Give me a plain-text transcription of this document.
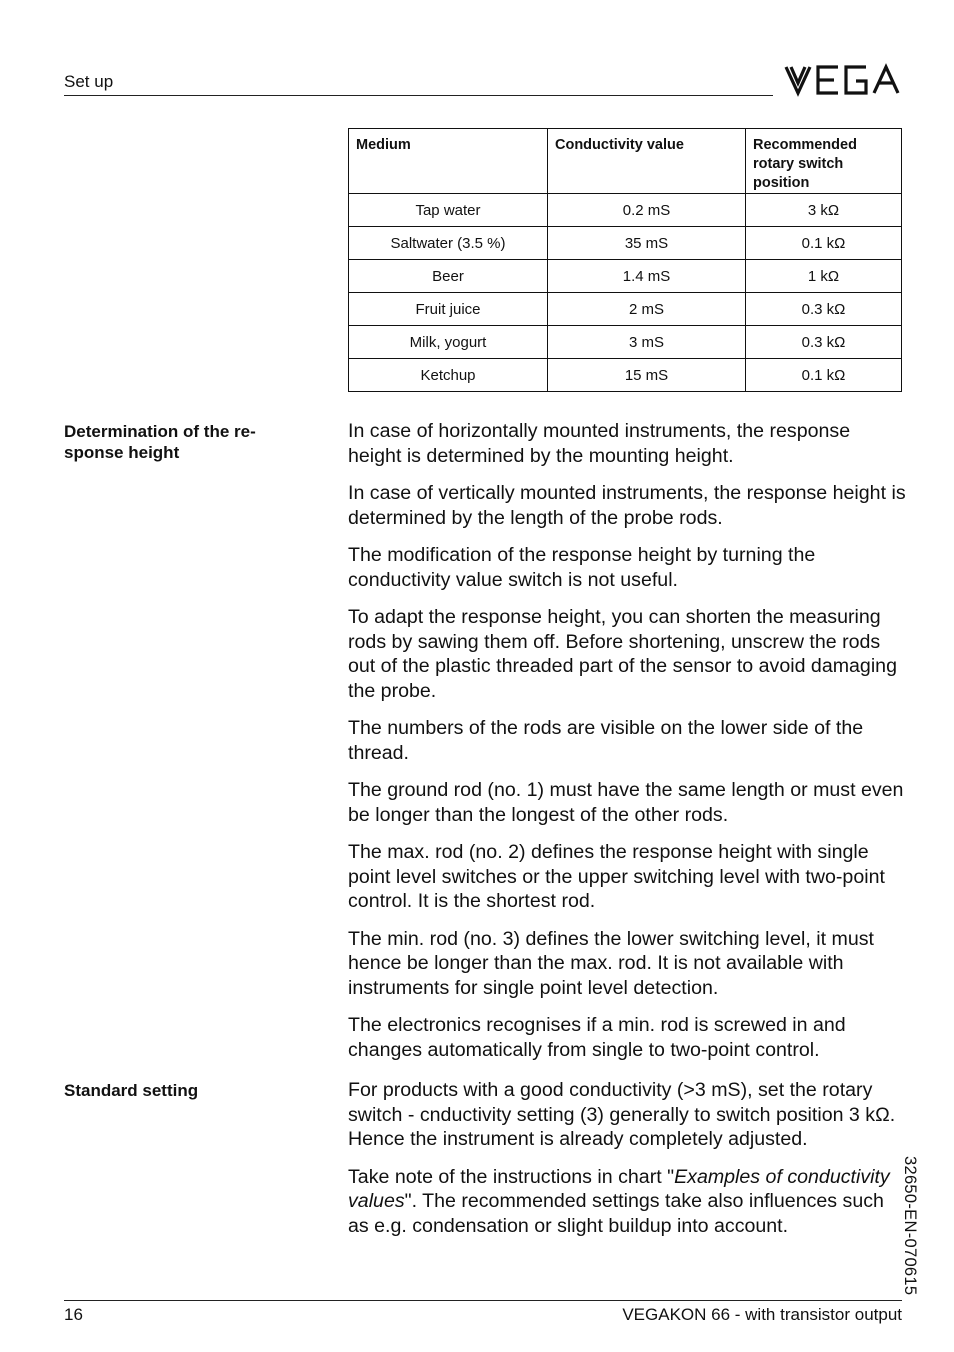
Set up
Medium	Conductivity value	Recommended rotary switch position
Tap water	0.2 mS	3 kΩ
Saltwater (3.5 %)	35 mS	0.1 kΩ
Beer	1.4 mS	1 kΩ
Fruit juice	2 mS	0.3 kΩ
Milk, yogurt	3 mS	0.3 kΩ
Ketchup	15 mS	0.1 kΩ
Determination of the re-
sponse height

In case of horizontally mounted instruments, the response height is determined by the mounting height.

In case of vertically mounted instruments, the response height is determined by the length of the probe rods.

The modification of the response height by turning the conductivity value switch is not useful.

To adapt the response height, you can shorten the measuring rods by sawing them off. Before shortening, unscrew the rods out of the plastic threaded part of the sensor to avoid damaging the probe.

The numbers of the rods are visible on the lower side of the thread.

The ground rod (no. 1) must have the same length or must even be longer than the longest of the other rods.

The max. rod (no. 2) defines the response height with single point level switches or the upper switching level with two-point control. It is the shortest rod.

The min. rod (no. 3) defines the lower switching level, it must hence be longer than the max. rod. It is not available with instruments for single point level detection.

The electronics recognises if a min. rod is screwed in and changes automatically from single to two-point control.

Standard setting	For products with a good conductivity (>3 mS), set the rotary switch - cnductivity setting (3) generally to switch position 3 kΩ. Hence the instrument is already completely adjusted.

Take note of the instructions in chart "Examples of conductivity values". The recommended settings take also influences such as e.g. condensation or slight buildup into account.	32650-EN-070615
16	VEGAKON 66 - with transistor output
